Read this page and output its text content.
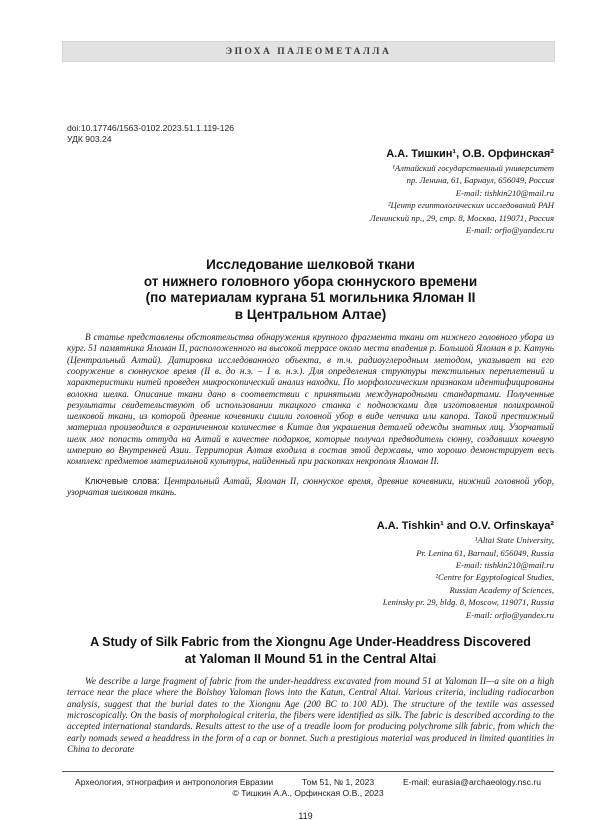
ЭПОХА ПАЛЕОМЕТАЛЛА
doi:10.17746/1563-0102.2023.51.1.119-126
УДК 903.24
А.А. Тишкин¹, О.В. Орфинская²
¹Алтайский государственный университет
пр. Ленина, 61, Барнаул, 656049, Россия
E-mail: tishkin210@mail.ru
²Центр египтологических исследований РАН
Ленинский пр., 29, стр. 8, Москва, 119071, Россия
E-mail: orfio@yandex.ru
Исследование шелковой ткани
от нижнего головного убора сюннуского времени
(по материалам кургана 51 могильника Яломан II
в Центральном Алтае)

В статье представлены обстоятельства обнаружения крупного фрагмента ткани от нижнего головного убора из кург. 51 памятника Яломан II, расположенного на высокой террасе около места впадения р. Большой Яломан в р. Катунь (Центральный Алтай). Датировка исследованного объекта, в т.ч. радиоуглеродным методом, указывает на его сооружение в сюннуское время (II в. до н.э. – I в. н.э.). Для определения структуры текстильных переплетений и характеристики нитей проведен микроскопический анализ находки. По морфологическим признакам идентифицированы волокна шелка. Описание ткани дано в соответствии с принятыми международными стандартами. Полученные результаты свидетельствуют об использовании ткацкого станка с подножками для изготовления полихромной шелковой ткани, из которой древние кочевники сшили головной убор в виде чепчика или капора. Такой престижный материал производился в ограниченном количестве в Китае для украшения деталей одежды знатных лиц. Узорчатый шелк мог попасть оттуда на Алтай в качестве подарков, которые получал предводитель сюнну, создавших кочевую империю во Внутренней Азии. Территория Алтая входила в состав этой державы, что хорошо демонстрирует весь комплекс предметов материальной культуры, найденный при раскопках некрополя Яломан II.

Ключевые слова: Центральный Алтай, Яломан II, сюннуское время, древние кочевники, нижний головной убор, узорчатая шелковая ткань.
A.A. Tishkin¹ and O.V. Orfinskaya²
¹Altai State University,
Pr. Lenina 61, Barnaul, 656049, Russia
E-mail: tishkin210@mail.ru
²Centre for Egyptological Studies,
Russian Academy of Sciences,
Leninsky pr. 29, bldg. 8, Moscow, 119071, Russia
E-mail: orfio@yandex.ru
A Study of Silk Fabric from the Xiongnu Age Under-Headdress Discovered
at Yaloman II Mound 51 in the Central Altai

We describe a large fragment of fabric from the under-headdress excavated from mound 51 at Yaloman II—a site on a high terrace near the place where the Bolshoy Yaloman flows into the Katun, Central Altai. Various criteria, including radiocarbon analysis, suggest that the burial dates to the Xiongnu Age (200 BC to 100 AD). The structure of the textile was assessed microscopically. On the basis of morphological criteria, the fibers were identified as silk. The fabric is described according to the accepted international standards. Results attest to the use of a treadle loom for producing polychrome silk fabric, from which the early nomads sewed a headdress in the form of a cap or bonnet. Such a prestigious material was produced in limited quantities in China to decorate

Археология, этнография и антропология Евразии	Том 51, № 1, 2023	E-mail: eurasia@archaeology.nsc.ru
© Тишкин А.А., Орфинская О.В., 2023
119
